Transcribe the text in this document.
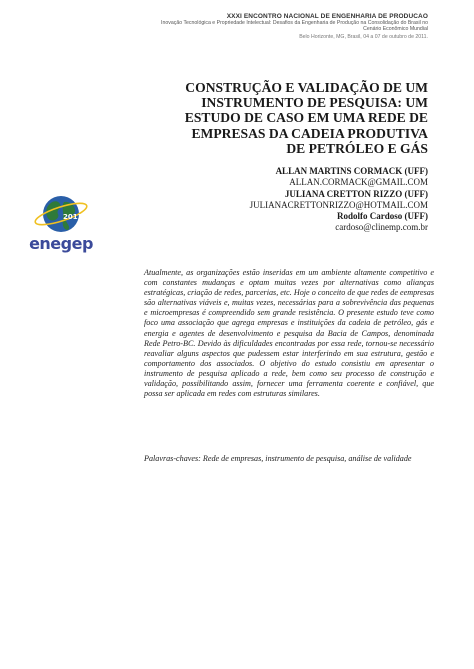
XXXI ENCONTRO NACIONAL DE ENGENHARIA DE PRODUCAO
Inovação Tecnológica e Propriedade Intelectual: Desafios da Engenharia de Produção na Consolidação do Brasil no
Cenário Econômico Mundial
Belo Horizonte, MG, Brasil, 04 a 07 de outubro de 2011.
2011
enegep
CONSTRUÇÃO E VALIDAÇÃO DE UM
INSTRUMENTO DE PESQUISA: UM
ESTUDO DE CASO EM UMA REDE DE
EMPRESAS DA CADEIA PRODUTIVA
DE PETRÓLEO E GÁS
ALLAN MARTINS CORMACK (UFF)
ALLAN.CORMACK@GMAIL.COM
JULIANA CRETTON RIZZO (UFF)
JULIANACRETTONRIZZO@HOTMAIL.COM
Rodolfo Cardoso (UFF)
cardoso@clinemp.com.br

Atualmente, as organizações estão inseridas em um ambiente altamente competitivo e com constantes mudanças e optam muitas vezes por alternativas como alianças estratégicas, criação de redes, parcerias, etc. Hoje o conceito de que redes de eempresas são alternativas viáveis e, muitas vezes, necessárias para a sobrevivência das pequenas e microempresas é compreendido sem grande resistência. O presente estudo teve como foco uma associação que agrega empresas e instituições da cadeia de petróleo, gás e energia e agentes de desenvolvimento e pesquisa da Bacia de Campos, denominada Rede Petro-BC. Devido às dificuldades encontradas por essa rede, tornou-se necessário reavaliar alguns aspectos que pudessem estar interferindo em sua estrutura, gestão e comportamento dos associados. O objetivo do estudo consistiu em apresentar o instrumento de pesquisa aplicado a rede, bem como seu processo de construção e validação, possibilitando assim, fornecer uma ferramenta coerente e confiável, que possa ser aplicada em redes com estruturas similares.

Palavras-chaves: Rede de empresas, instrumento de pesquisa, análise de validade
